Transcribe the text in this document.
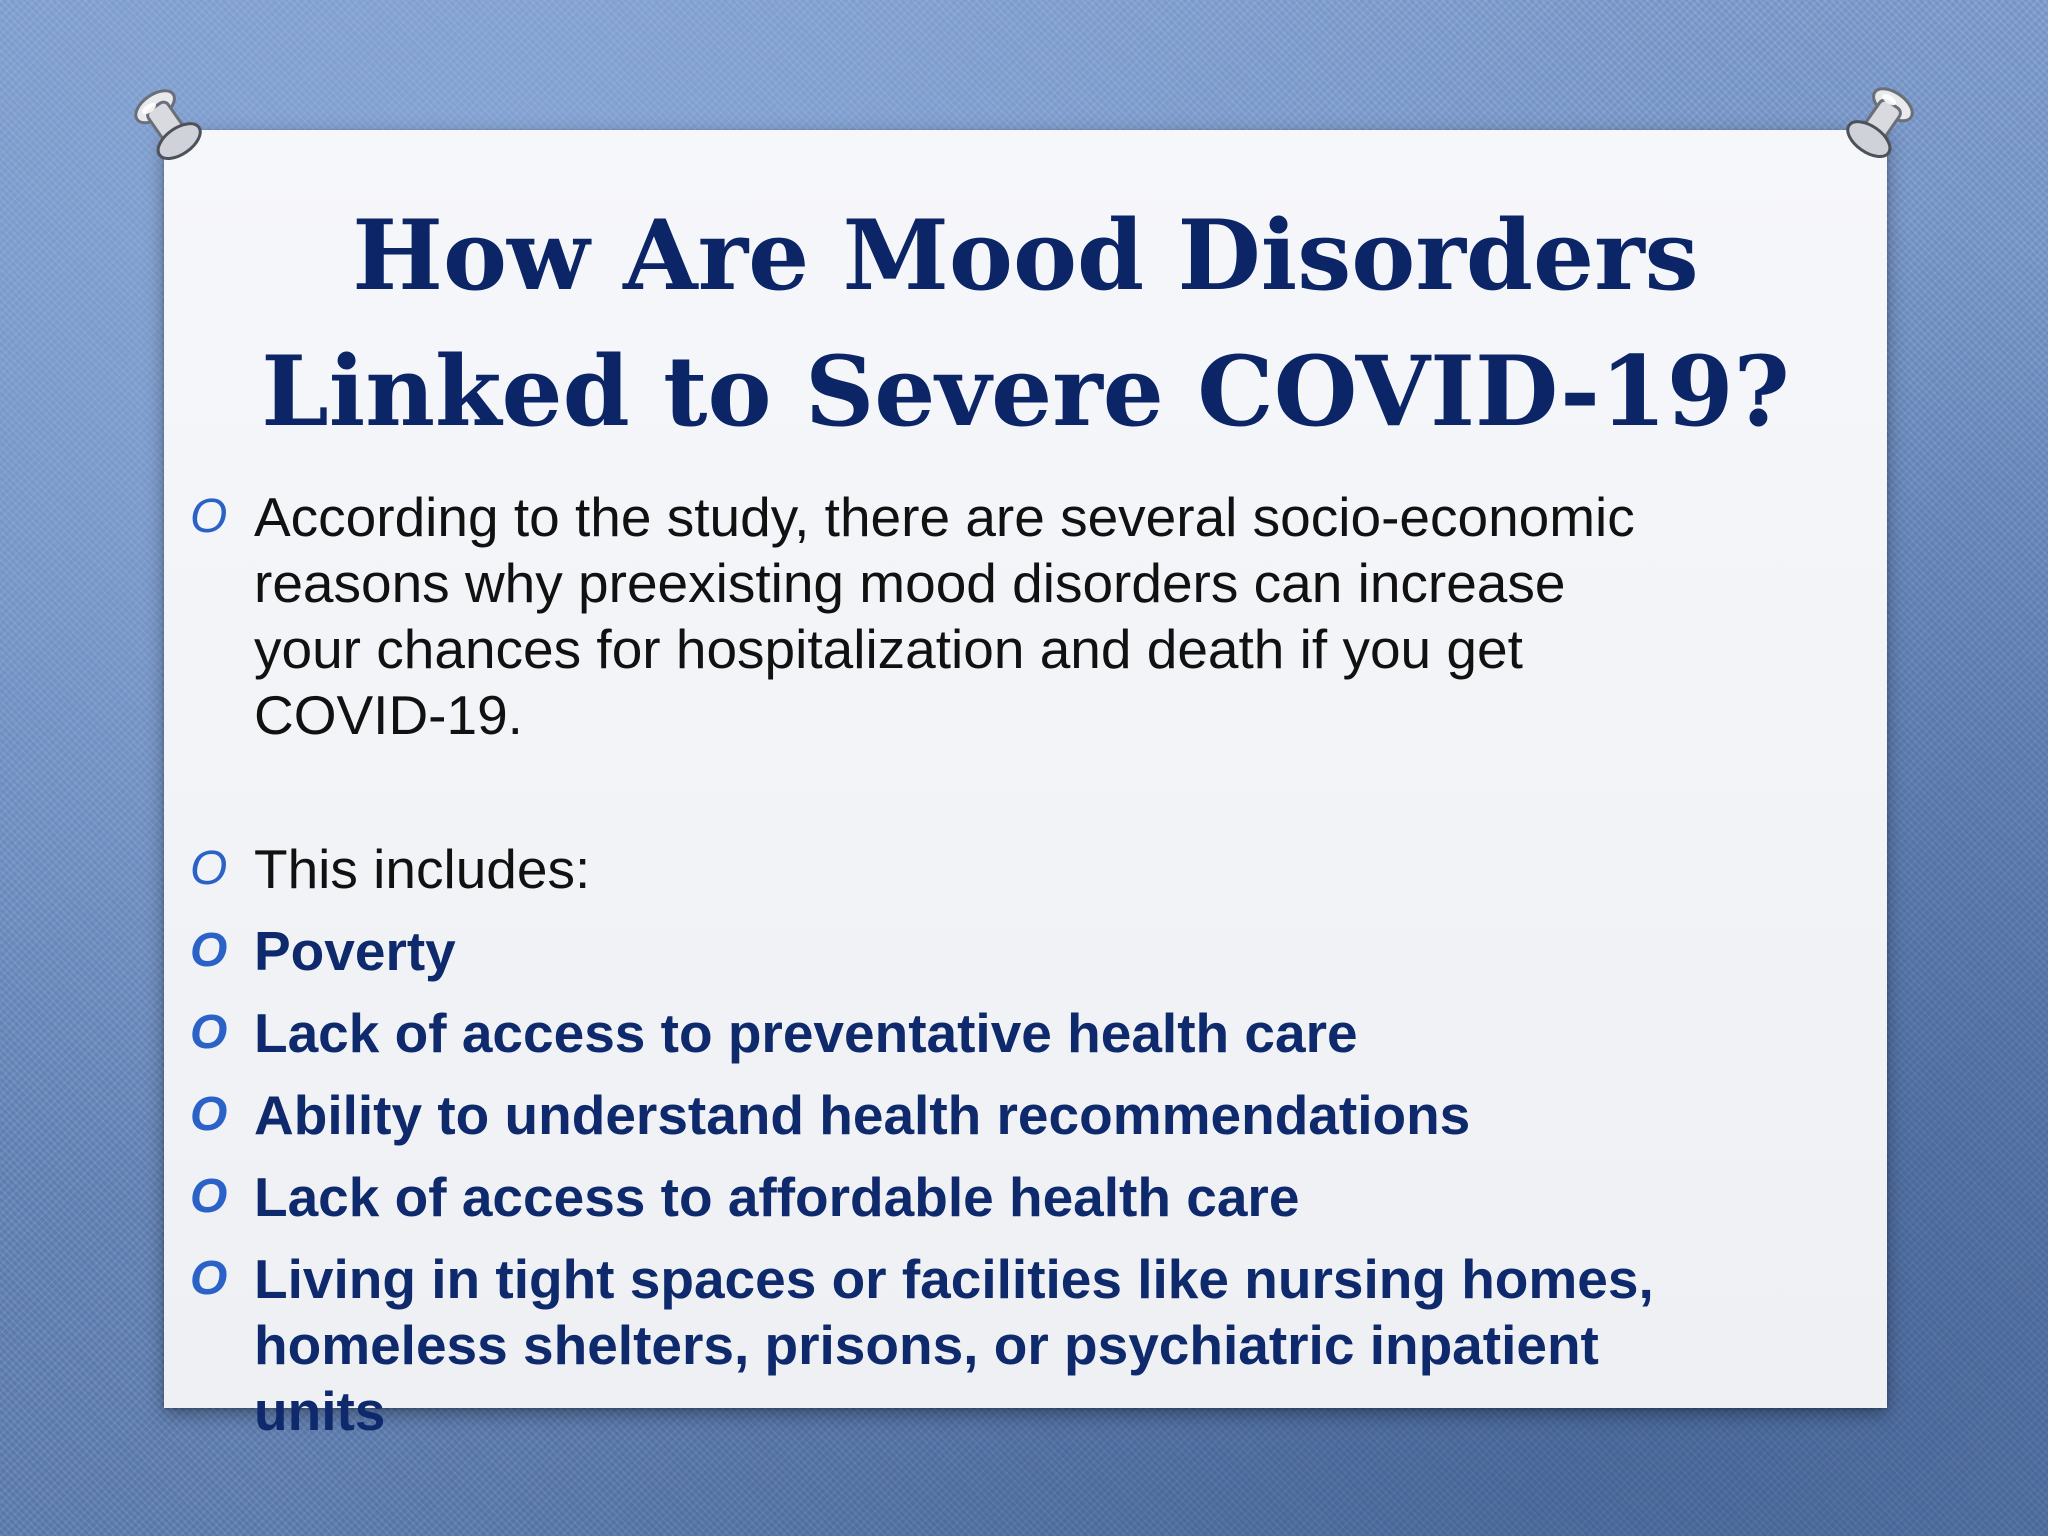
How Are Mood Disorders
Linked to Severe COVID-19?
O According to the study, there are several socio-economic
reasons why preexisting mood disorders can increase
your chances for hospitalization and death if you get
COVID-19.
O This includes:
O Poverty
O Lack of access to preventative health care
O Ability to understand health recommendations
O Lack of access to affordable health care
O Living in tight spaces or facilities like nursing homes,
homeless shelters, prisons, or psychiatric inpatient
units
